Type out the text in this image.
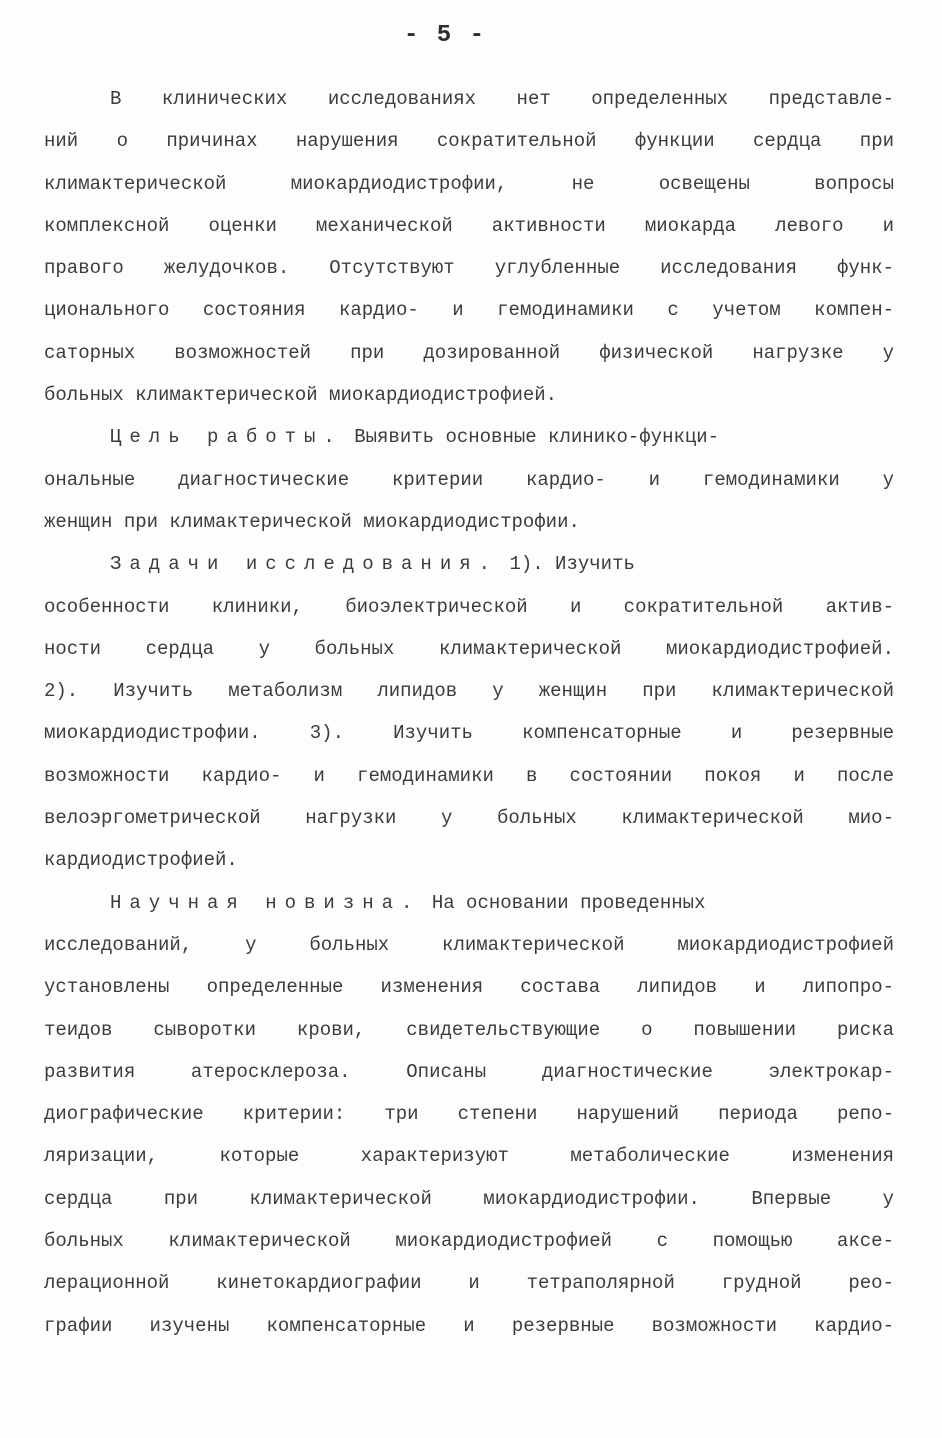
- 5 -
В клинических исследованиях нет определенных представле-
ний о причинах нарушения сократительной функции сердца при
климактерической миокардиодистрофии, не освещены вопросы
комплексной оценки механической активности миокарда левого и
правого желудочков. Отсутствуют углубленные исследования функ-
ционального состояния кардио- и гемодинамики с учетом компен-
саторных возможностей при дозированной физической нагрузке у
больных климактерической миокардиодистрофией.
Цель работы. Выявить основные клинико-функци-
ональные диагностические критерии кардио- и гемодинамики у
женщин при климактерической миокардиодистрофии.
Задачи исследования. 1). Изучить
особенности клиники, биоэлектрической и сократительной актив-
ности сердца у больных климактерической миокардиодистрофией.
2). Изучить метаболизм липидов у женщин при климактерической
миокардиодистрофии. 3). Изучить компенсаторные и резервные
возможности кардио- и гемодинамики в состоянии покоя и после
велоэргометрической нагрузки у больных климактерической мио-
кардиодистрофией.
Научная новизна. На основании проведенных
исследований, у больных климактерической миокардиодистрофией
установлены определенные изменения состава липидов и липопро-
теидов сыворотки крови, свидетельствующие о повышении риска
развития атеросклероза. Описаны диагностические электрокар-
диографические критерии: три степени нарушений периода репо-
ляризации, которые характеризуют метаболические изменения
сердца при климактерической миокардиодистрофии. Впервые у
больных климактерической миокардиодистрофией с помощью аксе-
лерационной кинетокардиографии и тетраполярной грудной рео-
графии изучены компенсаторные и резервные возможности кардио-
